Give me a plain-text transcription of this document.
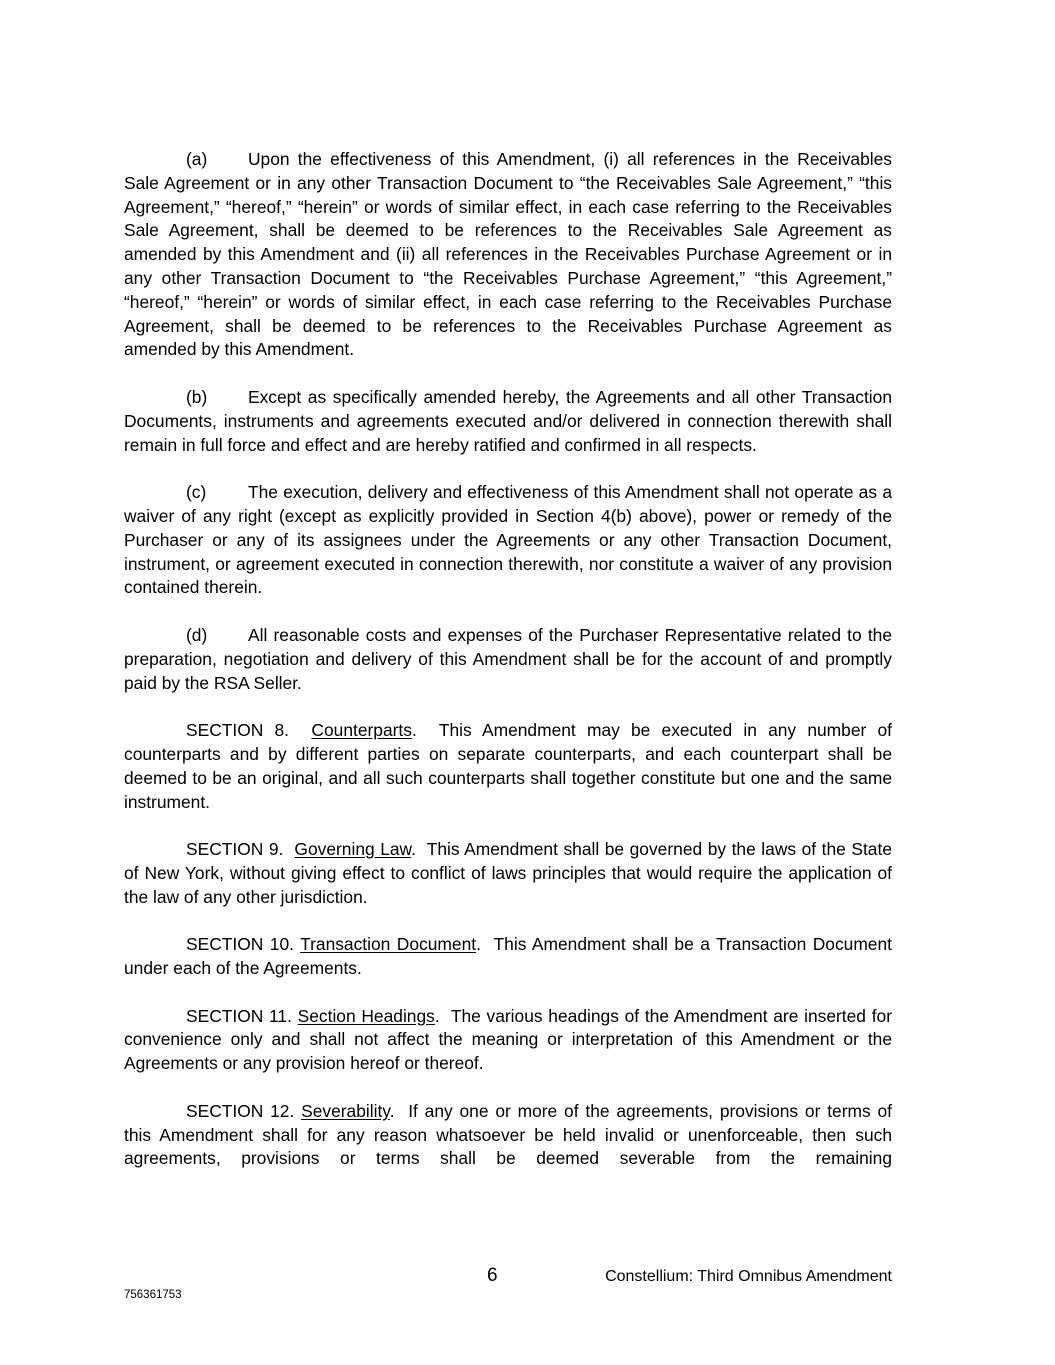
(a) Upon the effectiveness of this Amendment, (i) all references in the Receivables Sale Agreement or in any other Transaction Document to “the Receivables Sale Agreement,” “this Agreement,” “hereof,” “herein” or words of similar effect, in each case referring to the Receivables Sale Agreement, shall be deemed to be references to the Receivables Sale Agreement as amended by this Amendment and (ii) all references in the Receivables Purchase Agreement or in any other Transaction Document to “the Receivables Purchase Agreement,” “this Agreement,” “hereof,” “herein” or words of similar effect, in each case referring to the Receivables Purchase Agreement, shall be deemed to be references to the Receivables Purchase Agreement as amended by this Amendment.

(b) Except as specifically amended hereby, the Agreements and all other Transaction Documents, instruments and agreements executed and/or delivered in connection therewith shall remain in full force and effect and are hereby ratified and confirmed in all respects.

(c) The execution, delivery and effectiveness of this Amendment shall not operate as a waiver of any right (except as explicitly provided in Section 4(b) above), power or remedy of the Purchaser or any of its assignees under the Agreements or any other Transaction Document, instrument, or agreement executed in connection therewith, nor constitute a waiver of any provision contained therein.

(d) All reasonable costs and expenses of the Purchaser Representative related to the preparation, negotiation and delivery of this Amendment shall be for the account of and promptly paid by the RSA Seller.

SECTION 8. Counterparts.  This Amendment may be executed in any number of counterparts and by different parties on separate counterparts, and each counterpart shall be deemed to be an original, and all such counterparts shall together constitute but one and the same instrument.

SECTION 9. Governing Law.  This Amendment shall be governed by the laws of the State of New York, without giving effect to conflict of laws principles that would require the application of the law of any other jurisdiction.

SECTION 10. Transaction Document.  This Amendment shall be a Transaction Document under each of the Agreements.

SECTION 11. Section Headings.  The various headings of the Amendment are inserted for convenience only and shall not affect the meaning or interpretation of this Amendment or the Agreements or any provision hereof or thereof.

SECTION 12. Severability.  If any one or more of the agreements, provisions or terms of this Amendment shall for any reason whatsoever be held invalid or unenforceable, then such agreements, provisions or terms shall be deemed severable from the remaining

6	Constellium: Third Omnibus Amendment
756361753
